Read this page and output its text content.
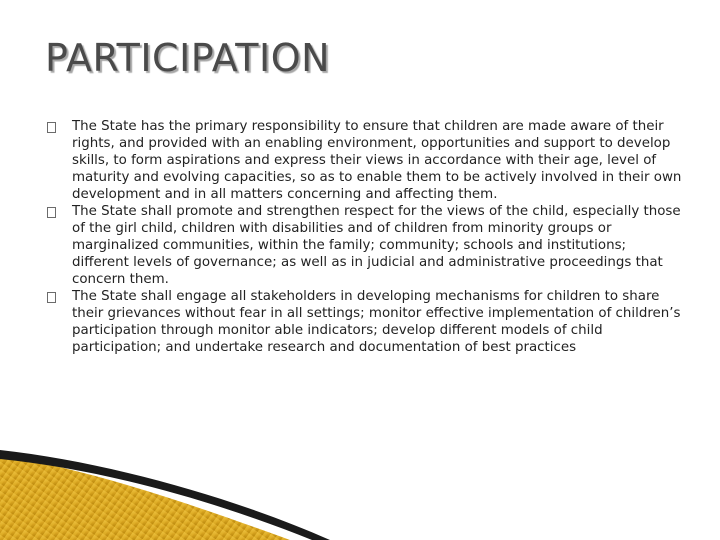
PARTICIPATION
The State has the primary responsibility to ensure that children are made aware of their rights, and provided with an enabling environment, opportunities and support to develop skills, to form aspirations and express their views in accordance with their age, level of maturity and evolving capacities, so as to enable them to be actively involved in their own development and in all matters concerning and affecting them.
The State shall promote and strengthen respect for the views of the child, especially those of the girl child, children with disabilities and of children from minority groups or marginalized communities, within the family; community; schools and institutions; different levels of governance; as well as in judicial and administrative proceedings that concern them.
The State shall engage all stakeholders in developing mechanisms for children to share their grievances without fear in all settings; monitor effective implementation of children’s participation through monitor able indicators; develop different models of child participation; and undertake research and documentation of best practices
